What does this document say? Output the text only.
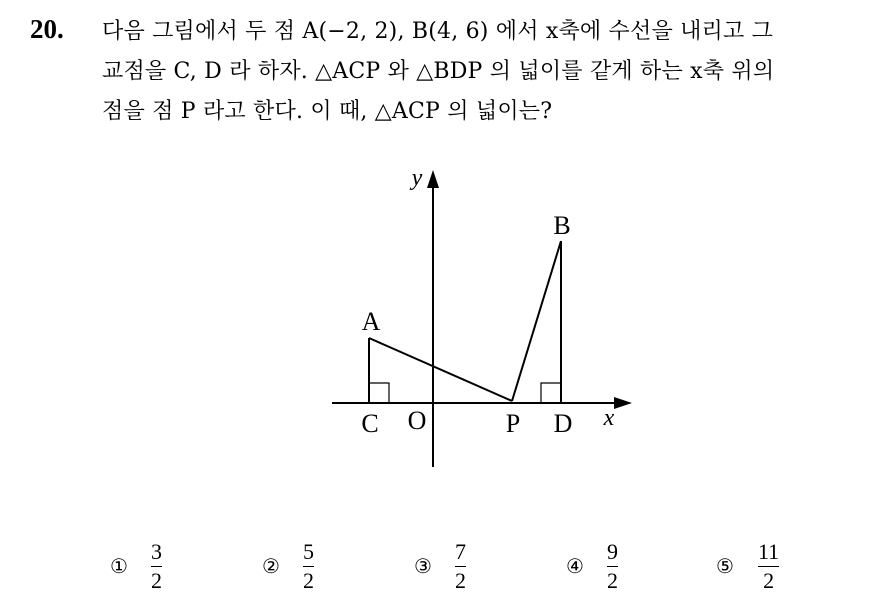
20. 다음 그림에서 두 점 A(−2, 2), B(4, 6) 에서 x축에 수선을 내리고 그
교점을 C, D 라 하자. △ACP 와 △BDP 의 넓이를 같게 하는 x축 위의
점을 점 P 라고 한다. 이 때, △ACP 의 넓이는?
A
B
C O	P D x
y
①
3
2
②
5
2
③
7
2
④
9
2
⑤
11
2
